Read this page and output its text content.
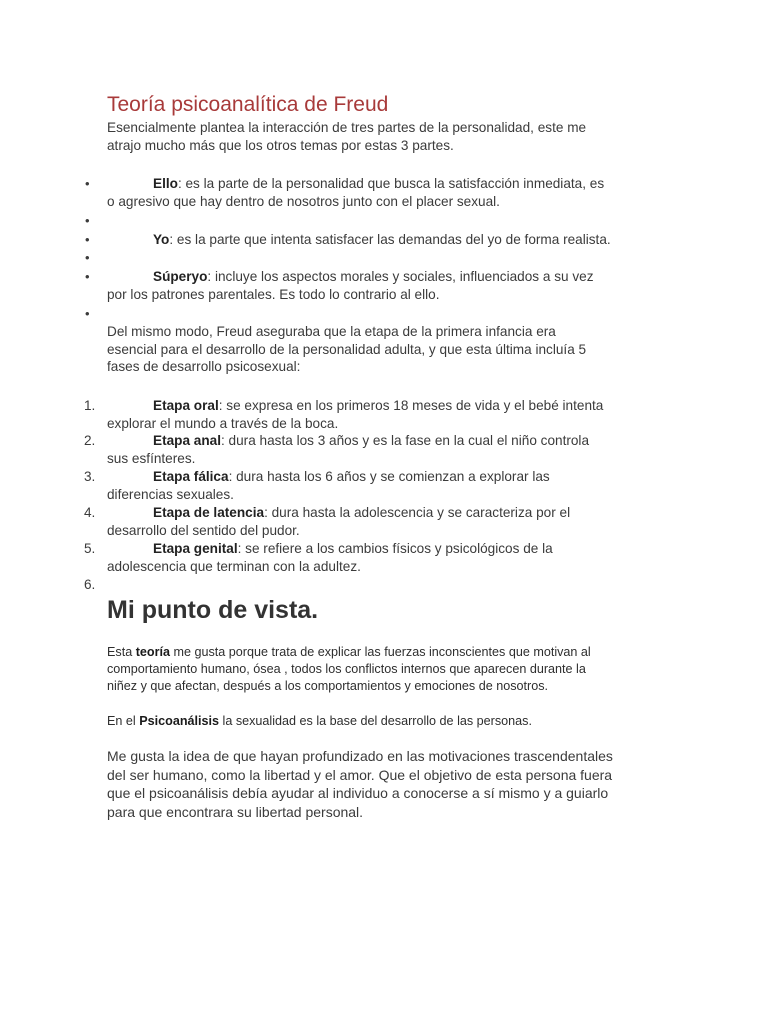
Teoría psicoanalítica de Freud
Esencialmente plantea la interacción de tres partes de la personalidad, este me
atrajo mucho más que los otros temas por estas 3 partes.
•	Ello: es la parte de la personalidad que busca la satisfacción inmediata, es
o agresivo que hay dentro de nosotros junto con el placer sexual.
•
•	Yo: es la parte que intenta satisfacer las demandas del yo de forma realista.
•
•	Súperyo: incluye los aspectos morales y sociales, influenciados a su vez
por los patrones parentales. Es todo lo contrario al ello.
•
Del mismo modo, Freud aseguraba que la etapa de la primera infancia era
esencial para el desarrollo de la personalidad adulta, y que esta última incluía 5
fases de desarrollo psicosexual:
1.	Etapa oral: se expresa en los primeros 18 meses de vida y el bebé intenta
explorar el mundo a través de la boca.
2.	Etapa anal: dura hasta los 3 años y es la fase en la cual el niño controla
sus esfínteres.
3.	Etapa fálica: dura hasta los 6 años y se comienzan a explorar las
diferencias sexuales.
4.	Etapa de latencia: dura hasta la adolescencia y se caracteriza por el
desarrollo del sentido del pudor.
5.	Etapa genital: se refiere a los cambios físicos y psicológicos de la
adolescencia que terminan con la adultez.
6.
Mi punto de vista.
Esta teoría me gusta porque trata de explicar las fuerzas inconscientes que motivan al
comportamiento humano, ósea , todos los conflictos internos que aparecen durante la
niñez y que afectan, después a los comportamientos y emociones de nosotros.
En el Psicoanálisis la sexualidad es la base del desarrollo de las personas.
Me gusta la idea de que hayan profundizado en las motivaciones trascendentales
del ser humano, como la libertad y el amor. Que el objetivo de esta persona fuera
que el psicoanálisis debía ayudar al individuo a conocerse a sí mismo y a guiarlo
para que encontrara su libertad personal.
